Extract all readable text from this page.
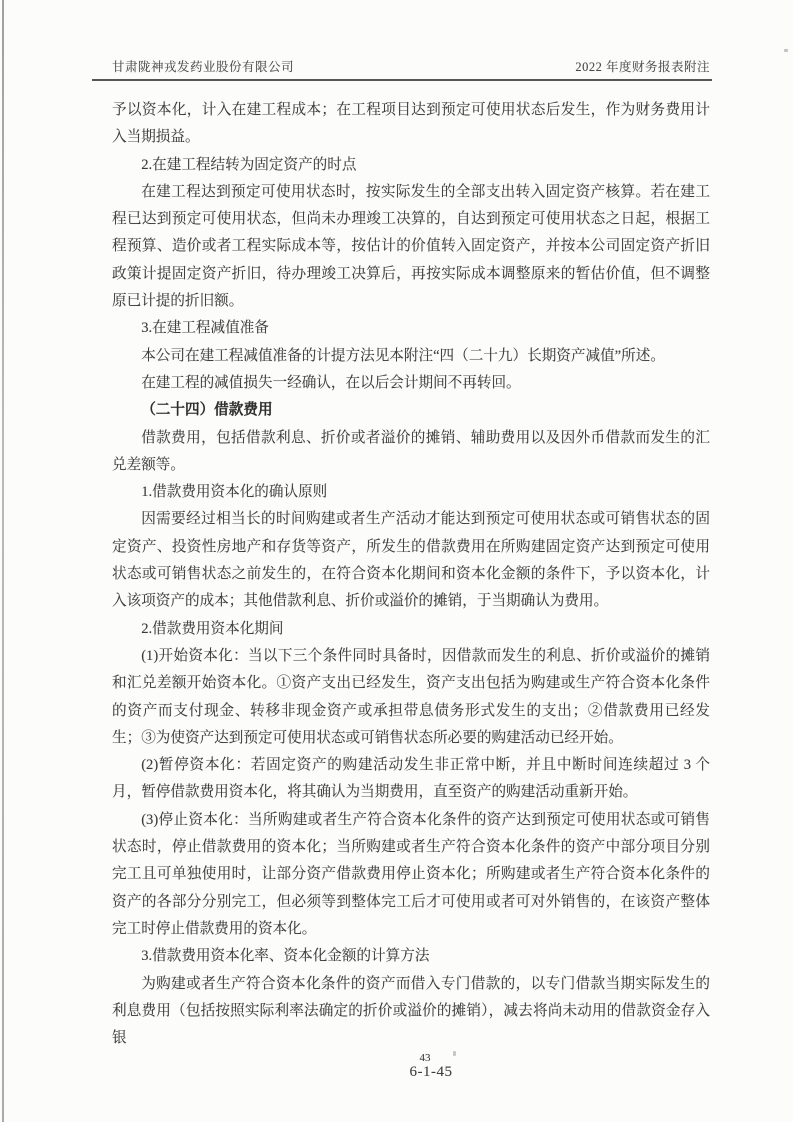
甘肃陇神戎发药业股份有限公司	2022 年度财务报表附注

予以资本化，计入在建工程成本；在工程项目达到预定可使用状态后发生，作为财务费用计入当期损益。

2.在建工程结转为固定资产的时点

在建工程达到预定可使用状态时，按实际发生的全部支出转入固定资产核算。若在建工程已达到预定可使用状态，但尚未办理竣工决算的，自达到预定可使用状态之日起，根据工程预算、造价或者工程实际成本等，按估计的价值转入固定资产，并按本公司固定资产折旧政策计提固定资产折旧，待办理竣工决算后，再按实际成本调整原来的暂估价值，但不调整原已计提的折旧额。

3.在建工程减值准备

本公司在建工程减值准备的计提方法见本附注“四（二十九）长期资产减值”所述。

在建工程的减值损失一经确认，在以后会计期间不再转回。

（二十四）借款费用

借款费用，包括借款利息、折价或者溢价的摊销、辅助费用以及因外币借款而发生的汇兑差额等。

1.借款费用资本化的确认原则

因需要经过相当长的时间购建或者生产活动才能达到预定可使用状态或可销售状态的固定资产、投资性房地产和存货等资产，所发生的借款费用在所购建固定资产达到预定可使用状态或可销售状态之前发生的，在符合资本化期间和资本化金额的条件下，予以资本化，计入该项资产的成本；其他借款利息、折价或溢价的摊销，于当期确认为费用。

2.借款费用资本化期间

(1)开始资本化：当以下三个条件同时具备时，因借款而发生的利息、折价或溢价的摊销和汇兑差额开始资本化。①资产支出已经发生，资产支出包括为购建或生产符合资本化条件的资产而支付现金、转移非现金资产或承担带息债务形式发生的支出；②借款费用已经发生；③为使资产达到预定可使用状态或可销售状态所必要的购建活动已经开始。

(2)暂停资本化：若固定资产的购建活动发生非正常中断，并且中断时间连续超过 3 个月，暂停借款费用资本化，将其确认为当期费用，直至资产的购建活动重新开始。

(3)停止资本化：当所购建或者生产符合资本化条件的资产达到预定可使用状态或可销售状态时，停止借款费用的资本化；当所购建或者生产符合资本化条件的资产中部分项目分别完工且可单独使用时，让部分资产借款费用停止资本化；所购建或者生产符合资本化条件的资产的各部分分别完工，但必须等到整体完工后才可使用或者可对外销售的，在该资产整体完工时停止借款费用的资本化。

3.借款费用资本化率、资本化金额的计算方法

为购建或者生产符合资本化条件的资产而借入专门借款的，以专门借款当期实际发生的利息费用（包括按照实际利率法确定的折价或溢价的摊销），减去将尚未动用的借款资金存入银

43
6-1-45
